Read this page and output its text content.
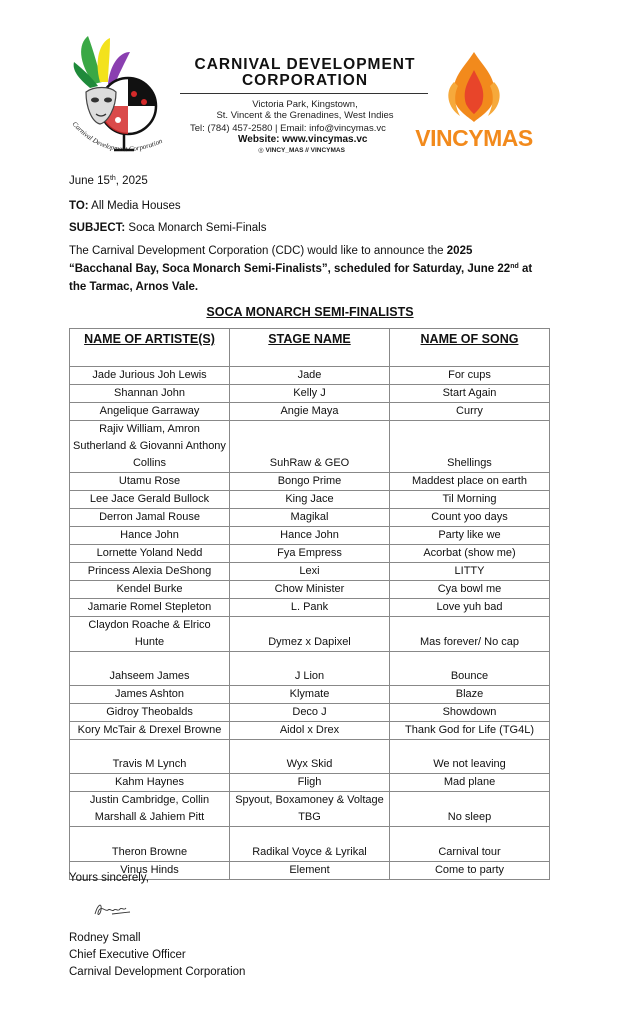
Carnival Development Corporation
CARNIVAL DEVELOPMENT
CORPORATION
Victoria Park, Kingstown,
St. Vincent & the Grenadines, West Indies
Tel: (784) 457-2580 | Email: info@vincymas.vc
Website: www.vincymas.vc
◎ VINCY_MAS // VINCYMAS	VINCYMAS
June 15th, 2025
TO: All Media Houses
SUBJECT: Soca Monarch Semi-Finals
The Carnival Development Corporation (CDC) would like to announce the 2025
“Bacchanal Bay, Soca Monarch Semi-Finalists”, scheduled for Saturday, June 22nd at
the Tarmac, Arnos Vale.
SOCA MONARCH SEMI-FINALISTS
NAME OF ARTISTE(S)	STAGE NAME	NAME OF SONG
Jade Jurious Joh Lewis	Jade	For cups
Shannan John	Kelly J	Start Again
Angelique Garraway	Angie Maya	Curry
Rajiv William, Amron Sutherland & Giovanni Anthony Collins	SuhRaw & GEO	Shellings
Utamu Rose	Bongo Prime	Maddest place on earth
Lee Jace Gerald Bullock	King Jace	Til Morning
Derron Jamal Rouse	Magikal	Count yoo days
Hance John	Hance John	Party like we
Lornette Yoland Nedd	Fya Empress	Acorbat (show me)
Princess Alexia DeShong	Lexi	LITTY
Kendel Burke	Chow Minister	Cya bowl me
Jamarie Romel Stepleton	L. Pank	Love yuh bad
Claydon Roache & Elrico Hunte	Dymez x Dapixel	Mas forever/ No cap
Jahseem James	J Lion	Bounce
James Ashton	Klymate	Blaze
Gidroy Theobalds	Deco J	Showdown
Kory McTair & Drexel Browne	Aidol x Drex	Thank God for Life (TG4L)
Travis M Lynch	Wyx Skid	We not leaving
Kahm Haynes	Fligh	Mad plane
Justin Cambridge, Collin Marshall & Jahiem Pitt	Spyout, Boxamoney & Voltage TBG	No sleep
Theron Browne	Radikal Voyce & Lyrikal	Carnival tour
Vinus Hinds	Element	Come to party
Yours sincerely,
Rodney Small
Chief Executive Officer
Carnival Development Corporation
